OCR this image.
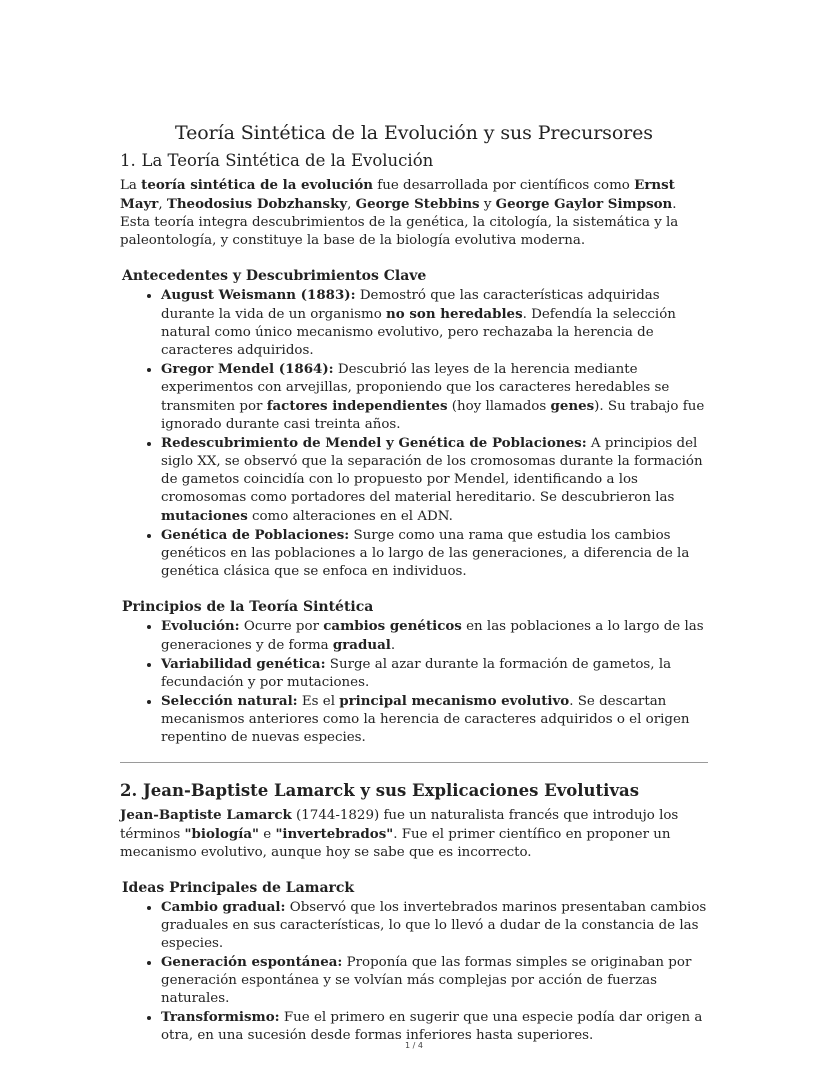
Teoría Sintética de la Evolución y sus Precursores
1. La Teoría Sintética de la Evolución

La teoría sintética de la evolución fue desarrollada por científicos como Ernst Mayr, Theodosius Dobzhansky, George Stebbins y George Gaylor Simpson. Esta teoría integra descubrimientos de la genética, la citología, la sistemática y la paleontología, y constituye la base de la biología evolutiva moderna.

Antecedentes y Descubrimientos Clave
• August Weismann (1883): Demostró que las características adquiridas durante la vida de un organismo no son heredables. Defendía la selección natural como único mecanismo evolutivo, pero rechazaba la herencia de caracteres adquiridos.
• Gregor Mendel (1864): Descubrió las leyes de la herencia mediante experimentos con arvejillas, proponiendo que los caracteres heredables se transmiten por factores independientes (hoy llamados genes). Su trabajo fue ignorado durante casi treinta años.
• Redescubrimiento de Mendel y Genética de Poblaciones: A principios del siglo XX, se observó que la separación de los cromosomas durante la formación de gametos coincidía con lo propuesto por Mendel, identificando a los cromosomas como portadores del material hereditario. Se descubrieron las mutaciones como alteraciones en el ADN.
• Genética de Poblaciones: Surge como una rama que estudia los cambios genéticos en las poblaciones a lo largo de las generaciones, a diferencia de la genética clásica que se enfoca en individuos.
Principios de la Teoría Sintética
• Evolución: Ocurre por cambios genéticos en las poblaciones a lo largo de las generaciones y de forma gradual.
• Variabilidad genética: Surge al azar durante la formación de gametos, la fecundación y por mutaciones.
• Selección natural: Es el principal mecanismo evolutivo. Se descartan mecanismos anteriores como la herencia de caracteres adquiridos o el origen repentino de nuevas especies.
2. Jean-Baptiste Lamarck y sus Explicaciones Evolutivas

Jean-Baptiste Lamarck (1744-1829) fue un naturalista francés que introdujo los términos "biología" e "invertebrados". Fue el primer científico en proponer un mecanismo evolutivo, aunque hoy se sabe que es incorrecto.

Ideas Principales de Lamarck
• Cambio gradual: Observó que los invertebrados marinos presentaban cambios graduales en sus características, lo que lo llevó a dudar de la constancia de las especies.
• Generación espontánea: Proponía que las formas simples se originaban por generación espontánea y se volvían más complejas por acción de fuerzas naturales.
• Transformismo: Fue el primero en sugerir que una especie podía dar origen a otra, en una sucesión desde formas inferiores hasta superiores.
1 / 4
